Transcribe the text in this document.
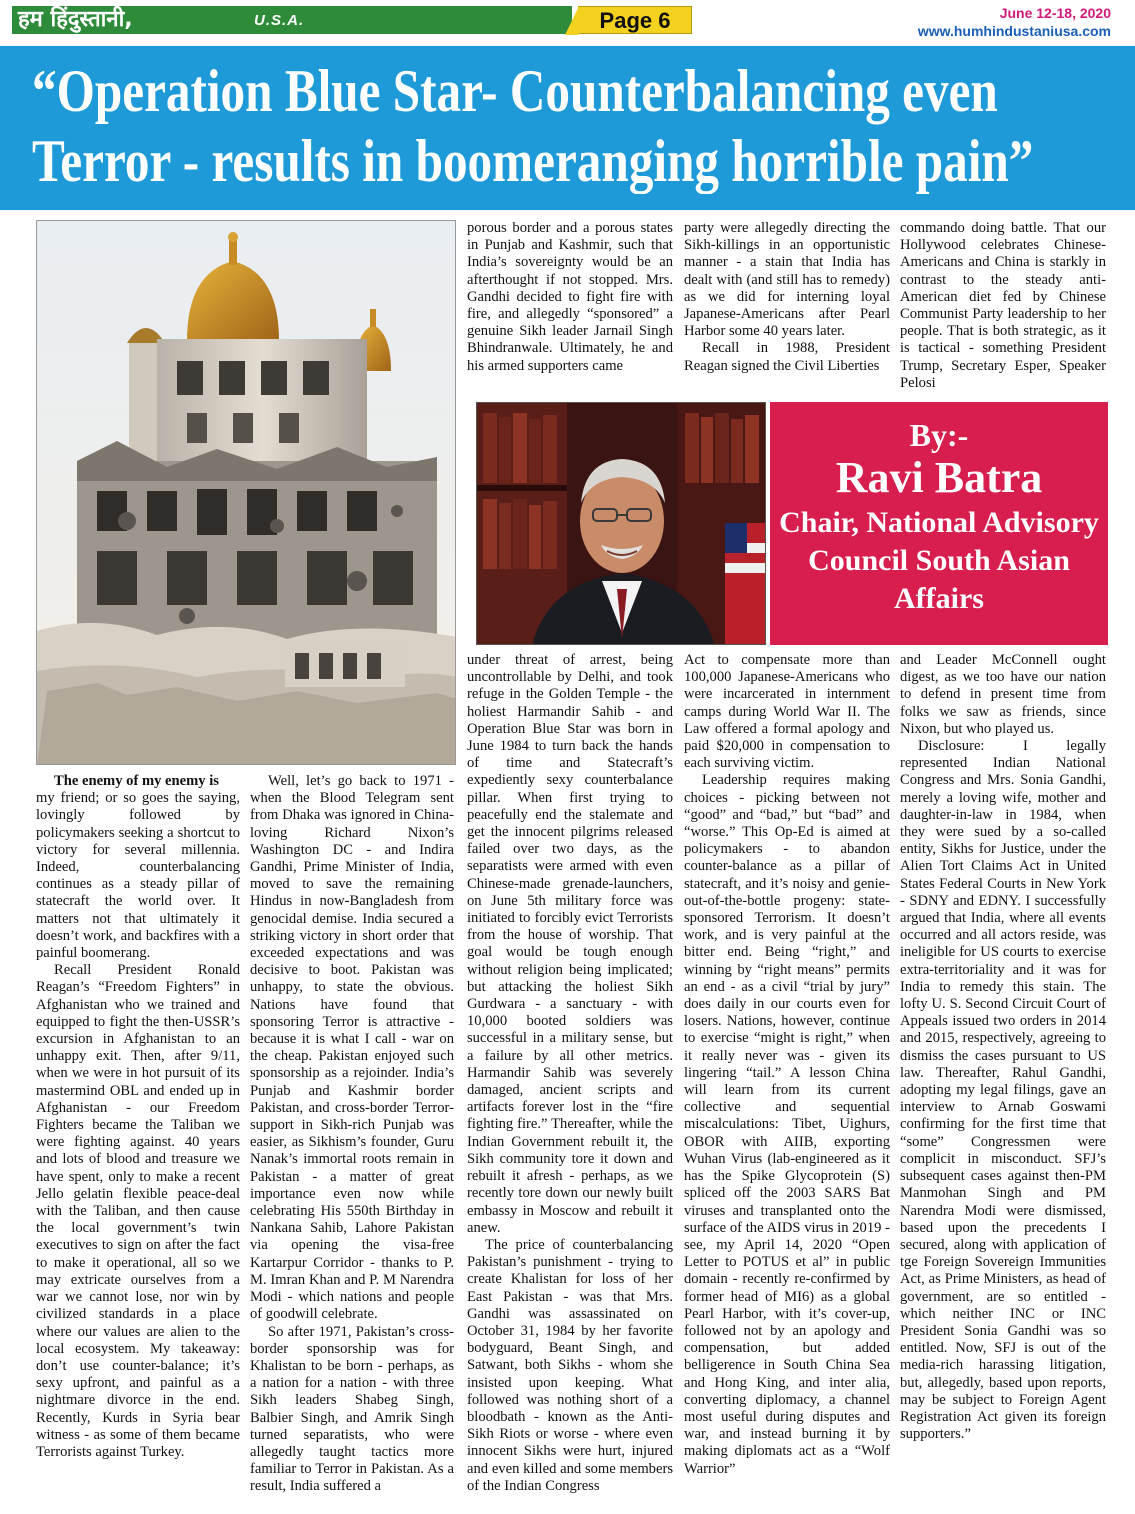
हम हिंदुस्तानी,	U.S.A.	Page 6	June 12-18, 2020
www.humhindustaniusa.com
“Operation Blue Star- Counterbalancing even
Terror - results in boomeranging horrible pain”

The enemy of my enemy is

my friend; or so goes the saying, lovingly followed by policymakers seeking a shortcut to victory for several millennia. Indeed, counterbalancing continues as a steady pillar of statecraft the world over. It matters not that ultimately it doesn’t work, and backfires with a painful boomerang.

Recall President Ronald Reagan’s “Freedom Fighters” in Afghanistan who we trained and equipped to fight the then-USSR’s excursion in Afghanistan to an unhappy exit. Then, after 9/11, when we were in hot pursuit of its mastermind OBL and ended up in Afghanistan - our Freedom Fighters became the Taliban we were fighting against. 40 years and lots of blood and treasure we have spent, only to make a recent Jello gelatin flexible peace-deal with the Taliban, and then cause the local government’s twin executives to sign on after the fact to make it operational, all so we may extricate ourselves from a war we cannot lose, nor win by civilized standards in a place where our values are alien to the local ecosystem. My takeaway: don’t use counter-balance; it’s sexy upfront, and painful as a nightmare divorce in the end. Recently, Kurds in Syria bear witness - as some of them became Terrorists against Turkey.

Well, let’s go back to 1971 - when the Blood Telegram sent from Dhaka was ignored in China-loving Richard Nixon’s Washington DC - and Indira Gandhi, Prime Minister of India, moved to save the remaining Hindus in now-Bangladesh from genocidal demise. India secured a striking victory in short order that exceeded expectations and was decisive to boot. Pakistan was unhappy, to state the obvious. Nations have found that sponsoring Terror is attractive - because it is what I call - war on the cheap. Pakistan enjoyed such sponsorship as a rejoinder. India’s Punjab and Kashmir border Pakistan, and cross-border Terror-support in Sikh-rich Punjab was easier, as Sikhism’s founder, Guru Nanak’s immortal roots remain in Pakistan - a matter of great importance even now while celebrating His 550th Birthday in Nankana Sahib, Lahore Pakistan via opening the visa-free Kartarpur Corridor - thanks to P. M. Imran Khan and P. M Narendra Modi - which nations and people of goodwill celebrate.

So after 1971, Pakistan’s cross-border sponsorship was for Khalistan to be born - perhaps, as a nation for a nation - with three Sikh leaders Shabeg Singh, Balbier Singh, and Amrik Singh turned separatists, who were allegedly taught tactics more familiar to Terror in Pakistan. As a result, India suffered a

porous border and a porous states in Punjab and Kashmir, such that India’s sovereignty would be an afterthought if not stopped. Mrs. Gandhi decided to fight fire with fire, and allegedly “sponsored” a genuine Sikh leader Jarnail Singh Bhindranwale. Ultimately, he and his armed supporters came

party were allegedly directing the Sikh-killings in an opportunistic manner - a stain that India has dealt with (and still has to remedy) as we did for interning loyal Japanese-Americans after Pearl Harbor some 40 years later.

Recall in 1988, President Reagan signed the Civil Liberties

commando doing battle. That our Hollywood celebrates Chinese-Americans and China is starkly in contrast to the steady anti-American diet fed by Chinese Communist Party leadership to her people. That is both strategic, as it is tactical - something President Trump, Secretary Esper, Speaker Pelosi

By:-
Ravi Batra
Chair, National Advisory
Council South Asian
Affairs

under threat of arrest, being uncontrollable by Delhi, and took refuge in the Golden Temple - the holiest Harmandir Sahib - and Operation Blue Star was born in June 1984 to turn back the hands of time and Statecraft’s expediently sexy counterbalance pillar. When first trying to peacefully end the stalemate and get the innocent pilgrims released failed over two days, as the separatists were armed with even Chinese-made grenade-launchers, on June 5th military force was initiated to forcibly evict Terrorists from the house of worship. That goal would be tough enough without religion being implicated; but attacking the holiest Sikh Gurdwara - a sanctuary - with 10,000 booted soldiers was successful in a military sense, but a failure by all other metrics. Harmandir Sahib was severely damaged, ancient scripts and artifacts forever lost in the “fire fighting fire.” Thereafter, while the Indian Government rebuilt it, the Sikh community tore it down and rebuilt it afresh - perhaps, as we recently tore down our newly built embassy in Moscow and rebuilt it anew.

The price of counterbalancing Pakistan’s punishment - trying to create Khalistan for loss of her East Pakistan - was that Mrs. Gandhi was assassinated on October 31, 1984 by her favorite bodyguard, Beant Singh, and Satwant, both Sikhs - whom she insisted upon keeping. What followed was nothing short of a bloodbath - known as the Anti-Sikh Riots or worse - where even innocent Sikhs were hurt, injured and even killed and some members of the Indian Congress

Act to compensate more than 100,000 Japanese-Americans who were incarcerated in internment camps during World War II. The Law offered a formal apology and paid $20,000 in compensation to each surviving victim.

Leadership requires making choices - picking between not “good” and “bad,” but “bad” and “worse.” This Op-Ed is aimed at policymakers - to abandon counter-balance as a pillar of statecraft, and it’s noisy and genie-out-of-the-bottle progeny: state-sponsored Terrorism. It doesn’t work, and is very painful at the bitter end. Being “right,” and winning by “right means” permits an end - as a civil “trial by jury” does daily in our courts even for losers. Nations, however, continue to exercise “might is right,” when it really never was - given its lingering “tail.” A lesson China will learn from its current collective and sequential miscalculations: Tibet, Uighurs, OBOR with AIIB, exporting Wuhan Virus (lab-engineered as it has the Spike Glycoprotein (S) spliced off the 2003 SARS Bat viruses and transplanted onto the surface of the AIDS virus in 2019 - see, my April 14, 2020 “Open Letter to POTUS et al” in public domain - recently re-confirmed by former head of MI6) as a global Pearl Harbor, with it’s cover-up, followed not by an apology and compensation, but added belligerence in South China Sea and Hong King, and inter alia, converting diplomacy, a channel most useful during disputes and war, and instead burning it by making diplomats act as a “Wolf Warrior”

and Leader McConnell ought digest, as we too have our nation to defend in present time from folks we saw as friends, since Nixon, but who played us.

Disclosure: I legally represented Indian National Congress and Mrs. Sonia Gandhi, merely a loving wife, mother and daughter-in-law in 1984, when they were sued by a so-called entity, Sikhs for Justice, under the Alien Tort Claims Act in United States Federal Courts in New York - SDNY and EDNY. I successfully argued that India, where all events occurred and all actors reside, was ineligible for US courts to exercise extra-territoriality and it was for India to remedy this stain. The lofty U. S. Second Circuit Court of Appeals issued two orders in 2014 and 2015, respectively, agreeing to dismiss the cases pursuant to US law. Thereafter, Rahul Gandhi, adopting my legal filings, gave an interview to Arnab Goswami confirming for the first time that “some” Congressmen were complicit in misconduct. SFJ’s subsequent cases against then-PM Manmohan Singh and PM Narendra Modi were dismissed, based upon the precedents I secured, along with application of tge Foreign Sovereign Immunities Act, as Prime Ministers, as head of government, are so entitled - which neither INC or INC President Sonia Gandhi was so entitled. Now, SFJ is out of the media-rich harassing litigation, but, allegedly, based upon reports, may be subject to Foreign Agent Registration Act given its foreign supporters.”
